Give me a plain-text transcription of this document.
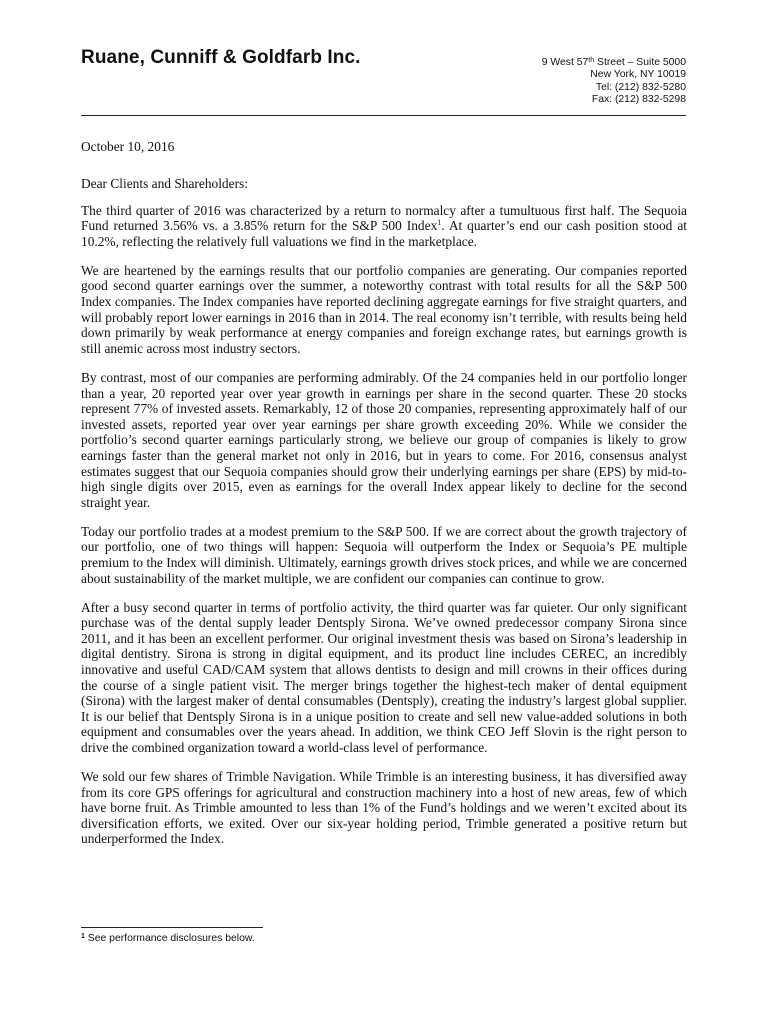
Ruane, Cunniff & Goldfarb Inc.	9 West 57th Street – Suite 5000
New York, NY 10019
Tel: (212) 832-5280
Fax: (212) 832-5298
October 10, 2016

Dear Clients and Shareholders:

The third quarter of 2016 was characterized by a return to normalcy after a tumultuous first half. The Sequoia Fund returned 3.56% vs. a 3.85% return for the S&P 500 Index$^1$. At quarter’s end our cash position stood at 10.2%, reflecting the relatively full valuations we find in the marketplace.

We are heartened by the earnings results that our portfolio companies are generating. Our companies reported good second quarter earnings over the summer, a noteworthy contrast with total results for all the S&P 500 Index companies. The Index companies have reported declining aggregate earnings for five straight quarters, and will probably report lower earnings in 2016 than in 2014. The real economy isn’t terrible, with results being held down primarily by weak performance at energy companies and foreign exchange rates, but earnings growth is still anemic across most industry sectors.

By contrast, most of our companies are performing admirably. Of the 24 companies held in our portfolio longer than a year, 20 reported year over year growth in earnings per share in the second quarter. These 20 stocks represent 77% of invested assets. Remarkably, 12 of those 20 companies, representing approximately half of our invested assets, reported year over year earnings per share growth exceeding 20%. While we consider the portfolio’s second quarter earnings particularly strong, we believe our group of companies is likely to grow earnings faster than the general market not only in 2016, but in years to come. For 2016, consensus analyst estimates suggest that our Sequoia companies should grow their underlying earnings per share (EPS) by mid-to-high single digits over 2015, even as earnings for the overall Index appear likely to decline for the second straight year.

Today our portfolio trades at a modest premium to the S&P 500. If we are correct about the growth trajectory of our portfolio, one of two things will happen: Sequoia will outperform the Index or Sequoia’s PE multiple premium to the Index will diminish. Ultimately, earnings growth drives stock prices, and while we are concerned about sustainability of the market multiple, we are confident our companies can continue to grow.

After a busy second quarter in terms of portfolio activity, the third quarter was far quieter. Our only significant purchase was of the dental supply leader Dentsply Sirona. We’ve owned predecessor company Sirona since 2011, and it has been an excellent performer. Our original investment thesis was based on Sirona’s leadership in digital dentistry. Sirona is strong in digital equipment, and its product line includes CEREC, an incredibly innovative and useful CAD/CAM system that allows dentists to design and mill crowns in their offices during the course of a single patient visit. The merger brings together the highest-tech maker of dental equipment (Sirona) with the largest maker of dental consumables (Dentsply), creating the industry’s largest global supplier. It is our belief that Dentsply Sirona is in a unique position to create and sell new value-added solutions in both equipment and consumables over the years ahead. In addition, we think CEO Jeff Slovin is the right person to drive the combined organization toward a world-class level of performance.

We sold our few shares of Trimble Navigation. While Trimble is an interesting business, it has diversified away from its core GPS offerings for agricultural and construction machinery into a host of new areas, few of which have borne fruit. As Trimble amounted to less than 1% of the Fund’s holdings and we weren’t excited about its diversification efforts, we exited. Over our six-year holding period, Trimble generated a positive return but underperformed the Index.

$^1$ See performance disclosures below.
